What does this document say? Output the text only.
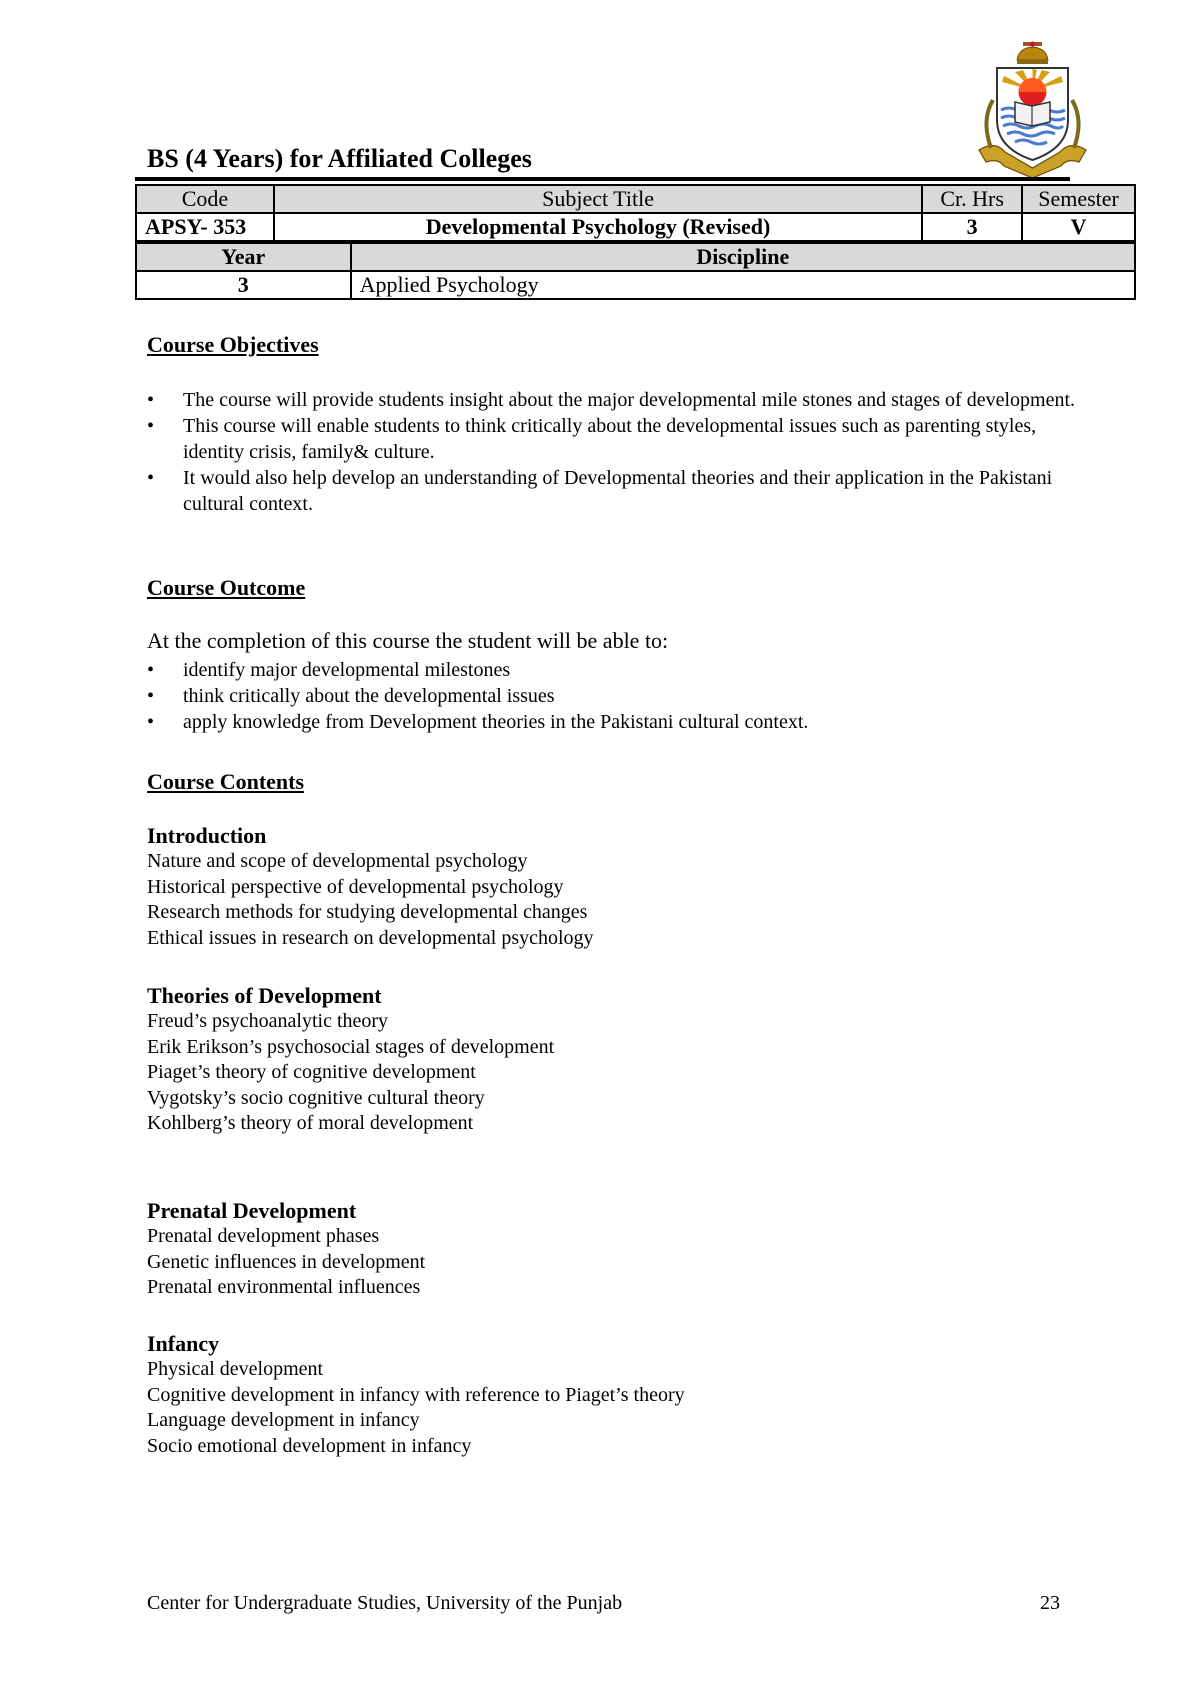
BS (4 Years) for Affiliated Colleges
Code	Subject Title	Cr. Hrs	Semester
APSY- 353	Developmental Psychology (Revised)	3	V
Year	Discipline
3	Applied Psychology
Course Objectives
• The course will provide students insight about the major developmental mile stones and stages of development.
• This course will enable students to think critically about the developmental issues such as parenting styles, identity crisis, family& culture.
• It would also help develop an understanding of Developmental theories and their application in the Pakistani cultural context.
Course Outcome

At the completion of this course the student will be able to:

• identify major developmental milestones
• think critically about the developmental issues
• apply knowledge from Development theories in the Pakistani cultural context.
Course Contents
Introduction
Nature and scope of developmental psychology
Historical perspective of developmental psychology
Research methods for studying developmental changes
Ethical issues in research on developmental psychology
Theories of Development
Freud’s psychoanalytic theory
Erik Erikson’s psychosocial stages of development
Piaget’s theory of cognitive development
Vygotsky’s socio cognitive cultural theory
Kohlberg’s theory of moral development
Prenatal Development
Prenatal development phases
Genetic influences in development
Prenatal environmental influences
Infancy
Physical development
Cognitive development in infancy with reference to Piaget’s theory
Language development in infancy
Socio emotional development in infancy
Center for Undergraduate Studies, University of the Punjab	23
